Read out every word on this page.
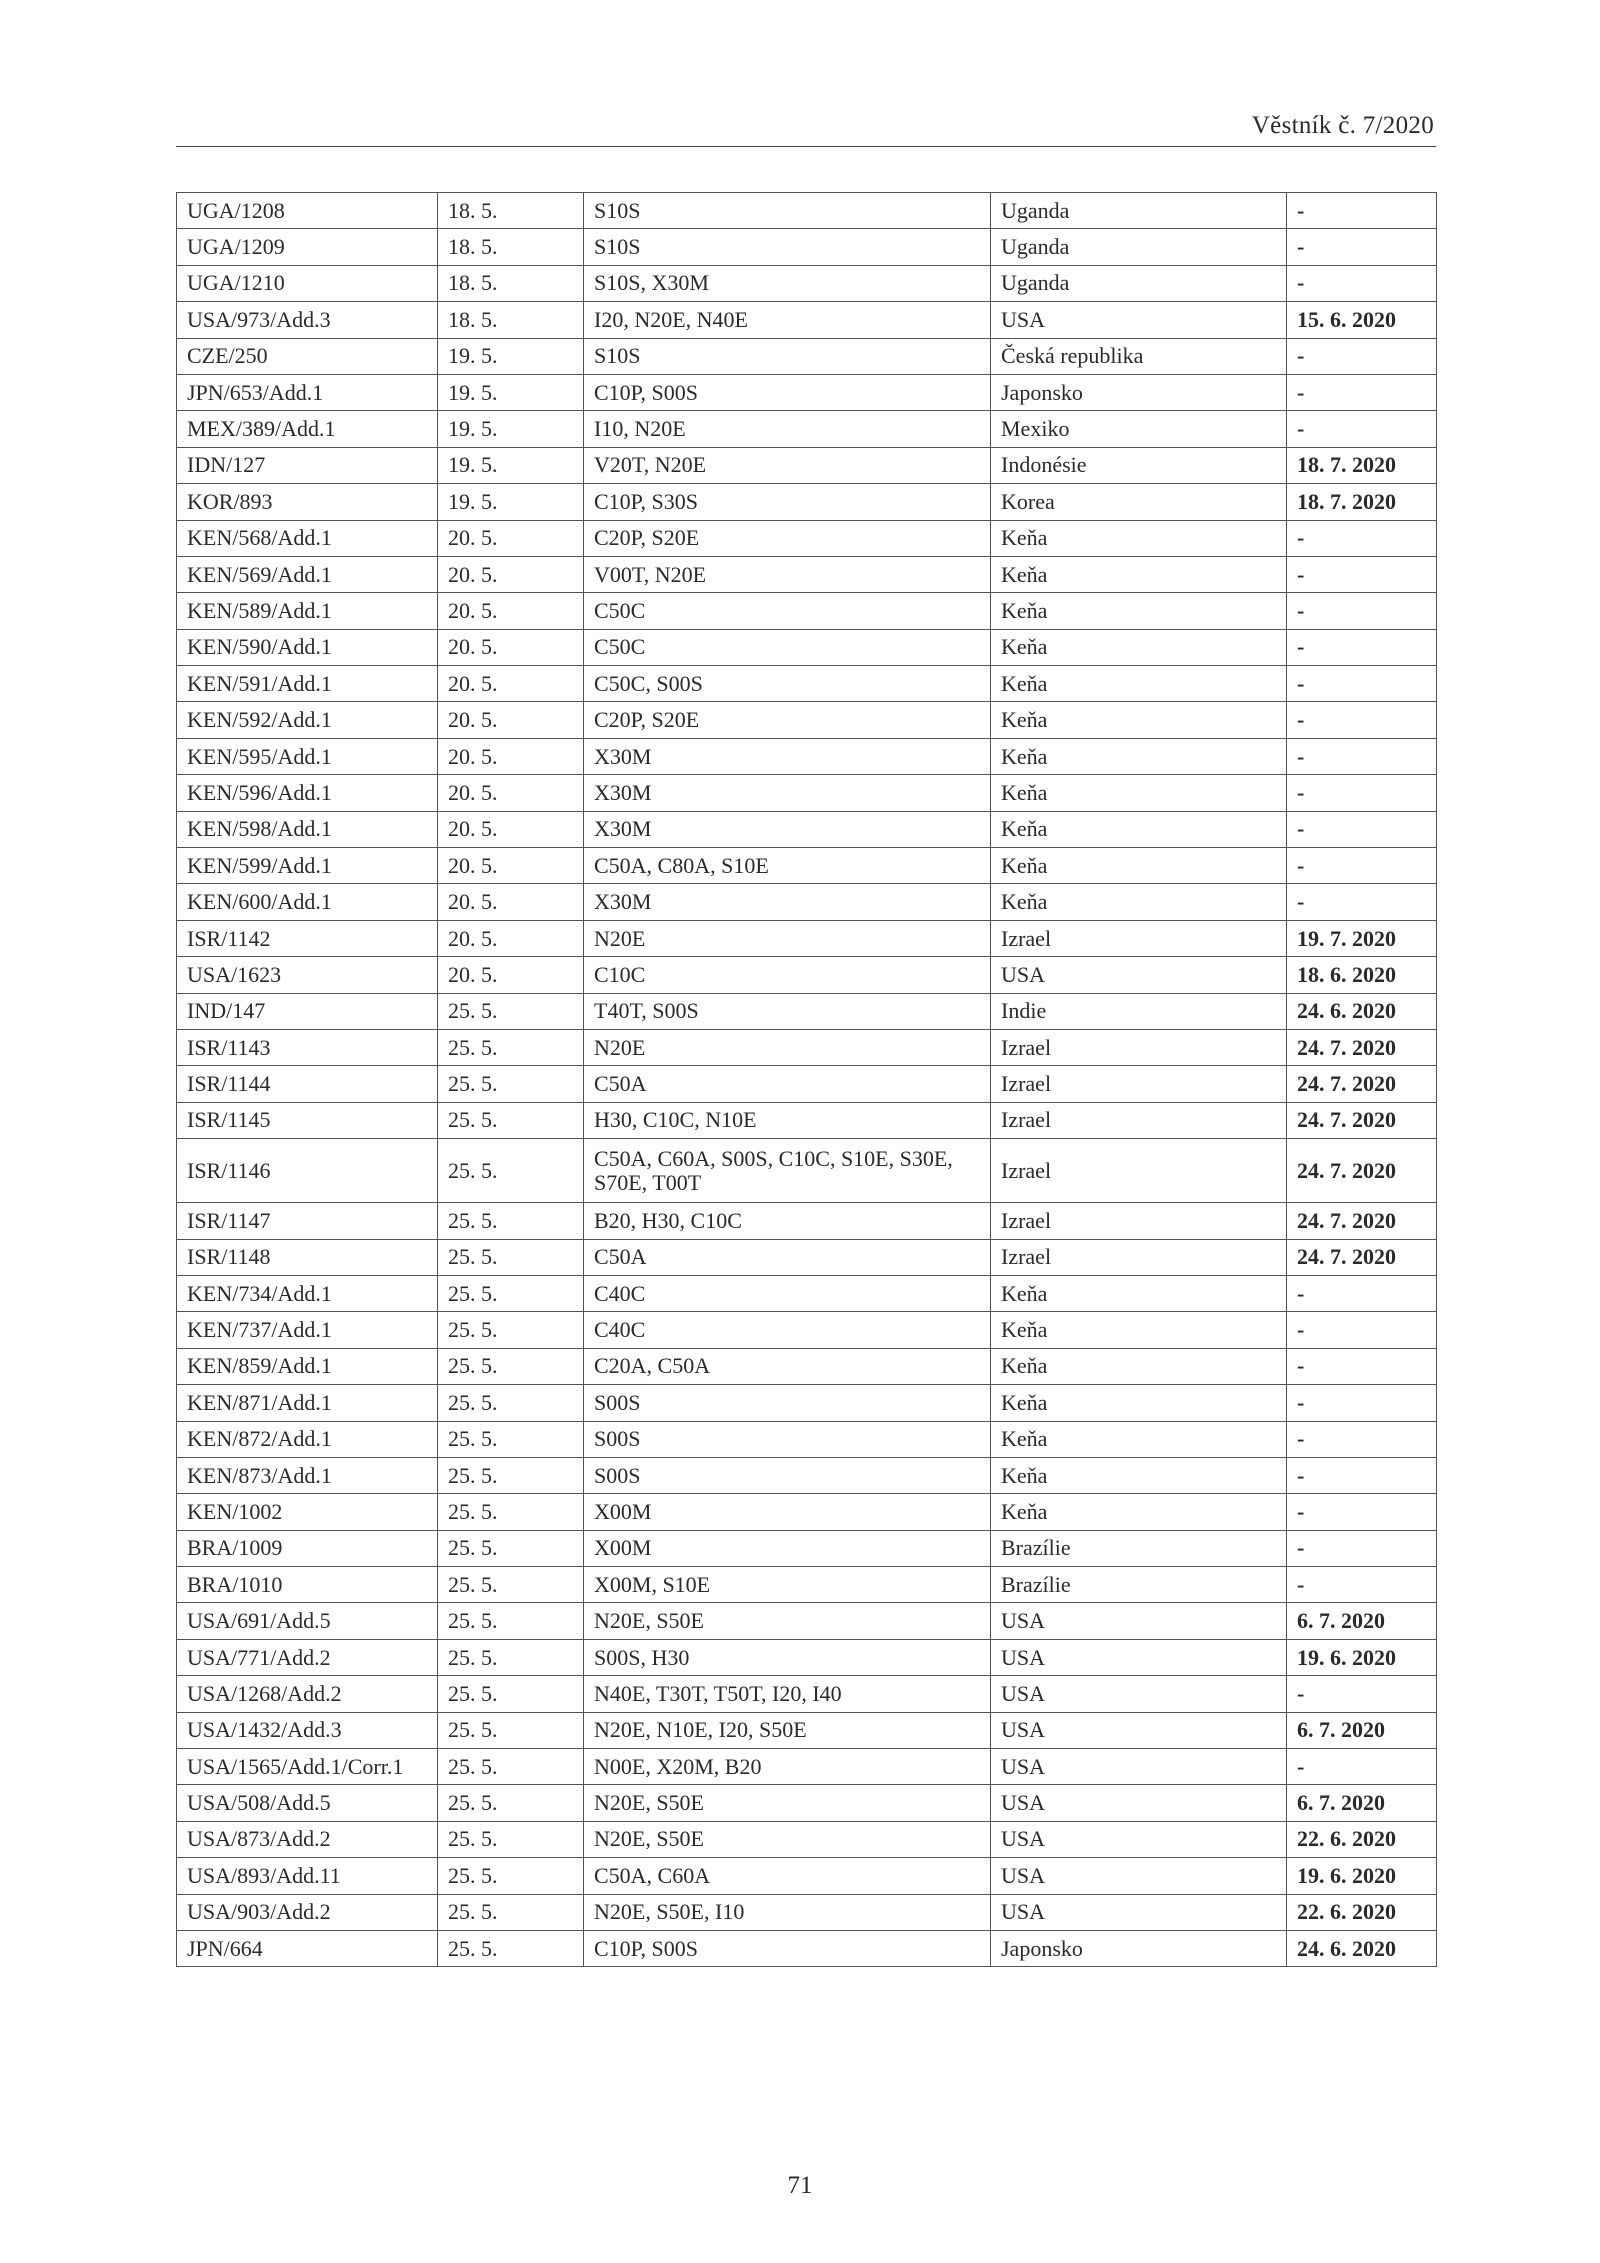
Věstník č. 7/2020
UGA/1208	18. 5.	S10S	Uganda	-
UGA/1209	18. 5.	S10S	Uganda	-
UGA/1210	18. 5.	S10S, X30M	Uganda	-
USA/973/Add.3	18. 5.	I20, N20E, N40E	USA	15. 6. 2020
CZE/250	19. 5.	S10S	Česká republika	-
JPN/653/Add.1	19. 5.	C10P, S00S	Japonsko	-
MEX/389/Add.1	19. 5.	I10, N20E	Mexiko	-
IDN/127	19. 5.	V20T, N20E	Indonésie	18. 7. 2020
KOR/893	19. 5.	C10P, S30S	Korea	18. 7. 2020
KEN/568/Add.1	20. 5.	C20P, S20E	Keňa	-
KEN/569/Add.1	20. 5.	V00T, N20E	Keňa	-
KEN/589/Add.1	20. 5.	C50C	Keňa	-
KEN/590/Add.1	20. 5.	C50C	Keňa	-
KEN/591/Add.1	20. 5.	C50C, S00S	Keňa	-
KEN/592/Add.1	20. 5.	C20P, S20E	Keňa	-
KEN/595/Add.1	20. 5.	X30M	Keňa	-
KEN/596/Add.1	20. 5.	X30M	Keňa	-
KEN/598/Add.1	20. 5.	X30M	Keňa	-
KEN/599/Add.1	20. 5.	C50A, C80A, S10E	Keňa	-
KEN/600/Add.1	20. 5.	X30M	Keňa	-
ISR/1142	20. 5.	N20E	Izrael	19. 7. 2020
USA/1623	20. 5.	C10C	USA	18. 6. 2020
IND/147	25. 5.	T40T, S00S	Indie	24. 6. 2020
ISR/1143	25. 5.	N20E	Izrael	24. 7. 2020
ISR/1144	25. 5.	C50A	Izrael	24. 7. 2020
ISR/1145	25. 5.	H30, C10C, N10E	Izrael	24. 7. 2020
ISR/1146	25. 5.	C50A, C60A, S00S, C10C, S10E, S30E, S70E, T00T	Izrael	24. 7. 2020
ISR/1147	25. 5.	B20, H30, C10C	Izrael	24. 7. 2020
ISR/1148	25. 5.	C50A	Izrael	24. 7. 2020
KEN/734/Add.1	25. 5.	C40C	Keňa	-
KEN/737/Add.1	25. 5.	C40C	Keňa	-
KEN/859/Add.1	25. 5.	C20A, C50A	Keňa	-
KEN/871/Add.1	25. 5.	S00S	Keňa	-
KEN/872/Add.1	25. 5.	S00S	Keňa	-
KEN/873/Add.1	25. 5.	S00S	Keňa	-
KEN/1002	25. 5.	X00M	Keňa	-
BRA/1009	25. 5.	X00M	Brazílie	-
BRA/1010	25. 5.	X00M, S10E	Brazílie	-
USA/691/Add.5	25. 5.	N20E, S50E	USA	6. 7. 2020
USA/771/Add.2	25. 5.	S00S, H30	USA	19. 6. 2020
USA/1268/Add.2	25. 5.	N40E, T30T, T50T, I20, I40	USA	-
USA/1432/Add.3	25. 5.	N20E, N10E, I20, S50E	USA	6. 7. 2020
USA/1565/Add.1/Corr.1	25. 5.	N00E, X20M, B20	USA	-
USA/508/Add.5	25. 5.	N20E, S50E	USA	6. 7. 2020
USA/873/Add.2	25. 5.	N20E, S50E	USA	22. 6. 2020
USA/893/Add.11	25. 5.	C50A, C60A	USA	19. 6. 2020
USA/903/Add.2	25. 5.	N20E, S50E, I10	USA	22. 6. 2020
JPN/664	25. 5.	C10P, S00S	Japonsko	24. 6. 2020
71
